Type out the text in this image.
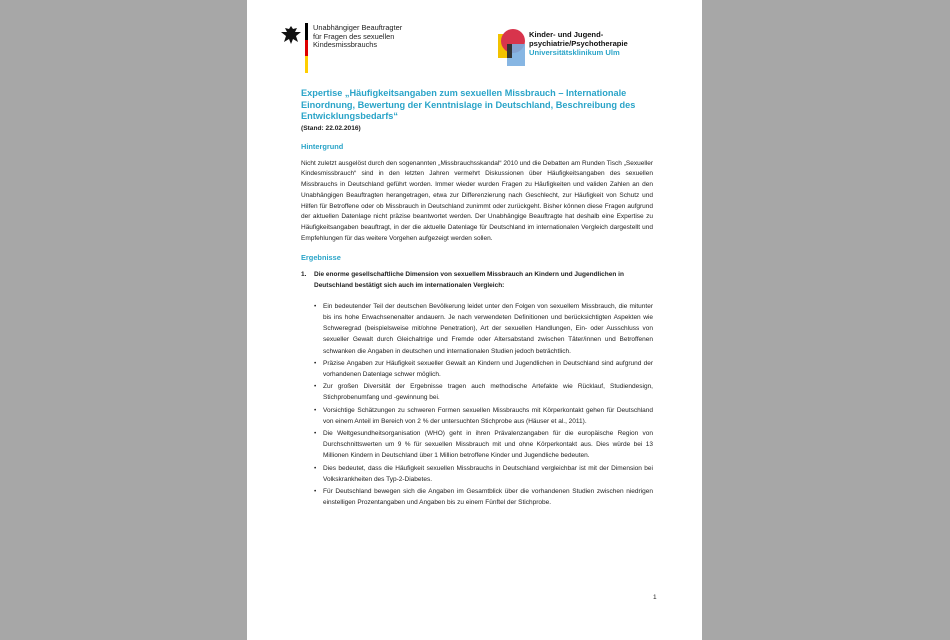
Unabhängiger Beauftragter
für Fragen des sexuellen
Kindesmissbrauchs
Kinder- und Jugend-
psychiatrie/Psychotherapie
Universitätsklinikum Ulm

Expertise „Häufigkeitsangaben zum sexuellen Missbrauch – Internationale Einordnung, Bewertung der Kenntnislage in Deutschland, Beschreibung des Entwicklungsbedarfs“

(Stand: 22.02.2016)

Hintergrund

Nicht zuletzt ausgelöst durch den sogenannten „Missbrauchsskandal“ 2010 und die Debatten am Runden Tisch „Sexueller Kindesmissbrauch“ sind in den letzten Jahren vermehrt Diskussionen über Häufigkeitsangaben des sexuellen Missbrauchs in Deutschland geführt worden. Immer wieder wurden Fragen zu Häufigkeiten und validen Zahlen an den Unabhängigen Beauftragten herangetragen, etwa zur Differenzierung nach Geschlecht, zur Häufigkeit von Schutz und Hilfen für Betroffene oder ob Missbrauch in Deutschland zunimmt oder zurückgeht. Bisher können diese Fragen aufgrund der aktuellen Datenlage nicht präzise beantwortet werden. Der Unabhängige Beauftragte hat deshalb eine Expertise zu Häufigkeitsangaben beauftragt, in der die aktuelle Datenlage für Deutschland im internationalen Vergleich dargestellt und Empfehlungen für das weitere Vorgehen aufgezeigt werden sollen.

Ergebnisse

1. Die enorme gesellschaftliche Dimension von sexuellem Missbrauch an Kindern und Jugendlichen in Deutschland bestätigt sich auch im internationalen Vergleich:
• Ein bedeutender Teil der deutschen Bevölkerung leidet unter den Folgen von sexuellem Missbrauch, die mitunter bis ins hohe Erwachsenenalter andauern. Je nach verwendeten Definitionen und berücksichtigten Aspekten wie Schweregrad (beispielsweise mit/ohne Penetration), Art der sexuellen Handlungen, Ein- oder Ausschluss von sexueller Gewalt durch Gleichaltrige und Fremde oder Altersabstand zwischen Täter/innen und Betroffenen schwanken die Angaben in deutschen und internationalen Studien jedoch beträchtlich.
• Präzise Angaben zur Häufigkeit sexueller Gewalt an Kindern und Jugendlichen in Deutschland sind aufgrund der vorhandenen Datenlage schwer möglich.
• Zur großen Diversität der Ergebnisse tragen auch methodische Artefakte wie Rücklauf, Studiendesign, Stichprobenumfang und -gewinnung bei.
• Vorsichtige Schätzungen zu schweren Formen sexuellen Missbrauchs mit Körperkontakt gehen für Deutschland von einem Anteil im Bereich von 2 % der untersuchten Stichprobe aus (Häuser et al., 2011).
• Die Weltgesundheitsorganisation (WHO) geht in ihren Prävalenzangaben für die europäische Region von Durchschnittswerten um 9 % für sexuellen Missbrauch mit und ohne Körperkontakt aus. Dies würde bei 13 Millionen Kindern in Deutschland über 1 Million betroffene Kinder und Jugendliche bedeuten.
• Dies bedeutet, dass die Häufigkeit sexuellen Missbrauchs in Deutschland vergleichbar ist mit der Dimension bei Volkskrankheiten des Typ-2-Diabetes.
• Für Deutschland bewegen sich die Angaben im Gesamtblick über die vorhandenen Studien zwischen niedrigen einstelligen Prozentangaben und Angaben bis zu einem Fünftel der Stichprobe.
1
